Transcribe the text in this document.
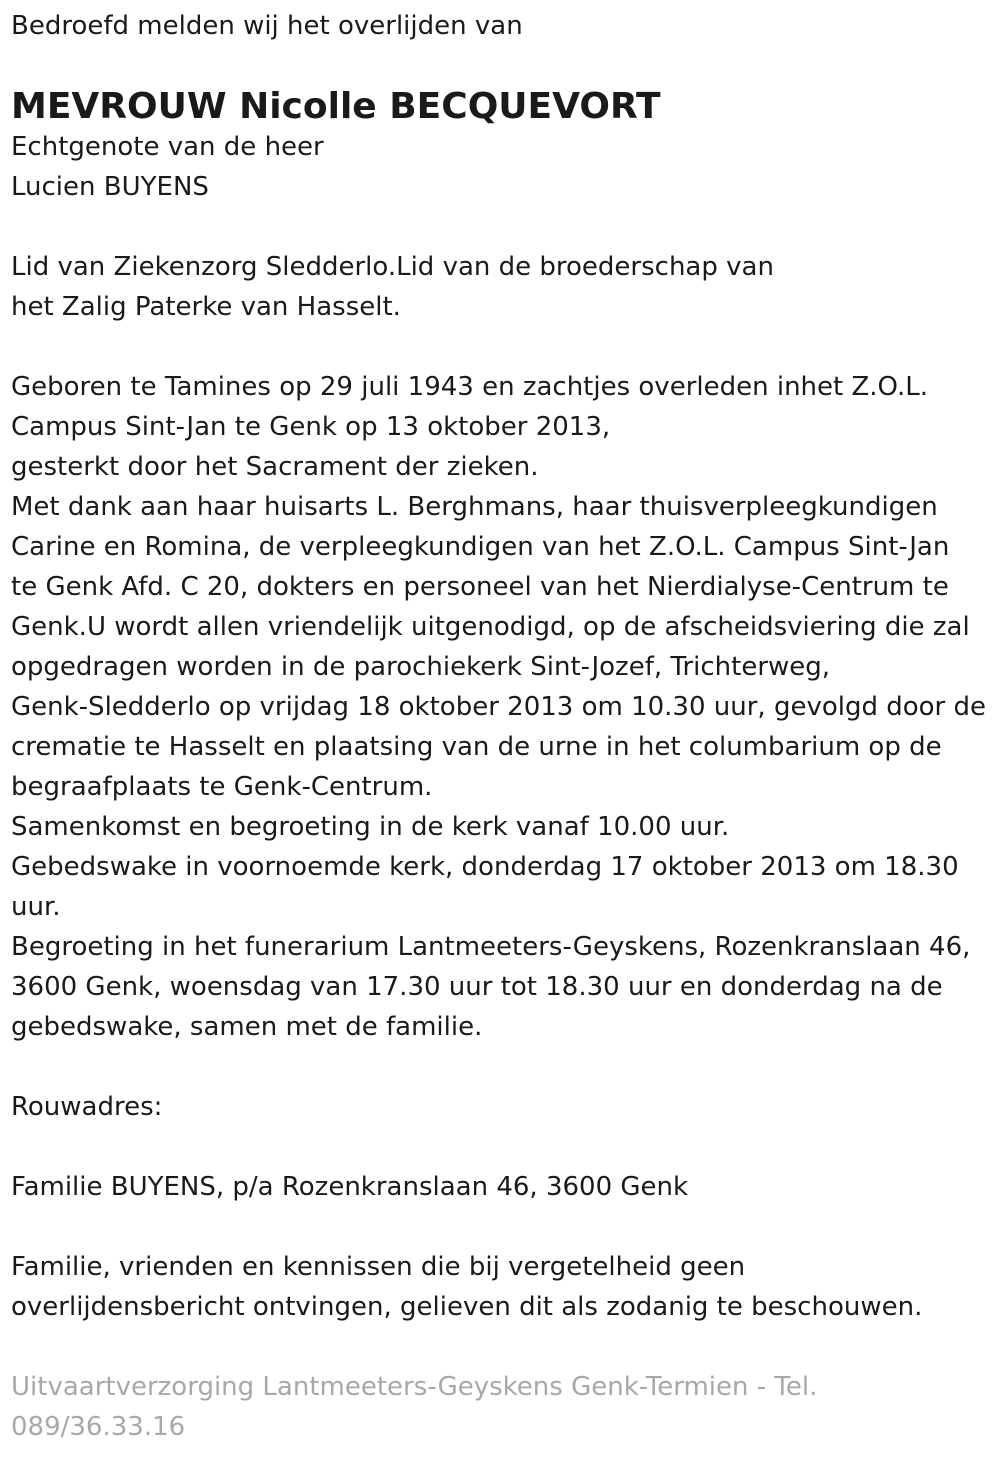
Bedroefd melden wij het overlijden van
MEVROUW Nicolle BECQUEVORT
Echtgenote van de heer
Lucien BUYENS
Lid van Ziekenzorg Sledderlo.Lid van de broederschap van
het Zalig Paterke van Hasselt.
Geboren te Tamines op 29 juli 1943 en zachtjes overleden inhet Z.O.L.
Campus Sint-Jan te Genk op 13 oktober 2013,
gesterkt door het Sacrament der zieken.
Met dank aan haar huisarts L. Berghmans, haar thuisverpleegkundigen
Carine en Romina, de verpleegkundigen van het Z.O.L. Campus Sint-Jan
te Genk Afd. C 20, dokters en personeel van het Nierdialyse-Centrum te
Genk.U wordt allen vriendelijk uitgenodigd, op de afscheidsviering die zal
opgedragen worden in de parochiekerk Sint-Jozef, Trichterweg,
Genk-Sledderlo op vrijdag 18 oktober 2013 om 10.30 uur, gevolgd door de
crematie te Hasselt en plaatsing van de urne in het columbarium op de
begraafplaats te Genk-Centrum.
Samenkomst en begroeting in de kerk vanaf 10.00 uur.
Gebedswake in voornoemde kerk, donderdag 17 oktober 2013 om 18.30
uur.
Begroeting in het funerarium Lantmeeters-Geyskens, Rozenkranslaan 46,
3600 Genk, woensdag van 17.30 uur tot 18.30 uur en donderdag na de
gebedswake, samen met de familie.
Rouwadres:
Familie BUYENS, p/a Rozenkranslaan 46, 3600 Genk
Familie, vrienden en kennissen die bij vergetelheid geen
overlijdensbericht ontvingen, gelieven dit als zodanig te beschouwen.
Uitvaartverzorging Lantmeeters-Geyskens Genk-Termien - Tel.
089/36.33.16
